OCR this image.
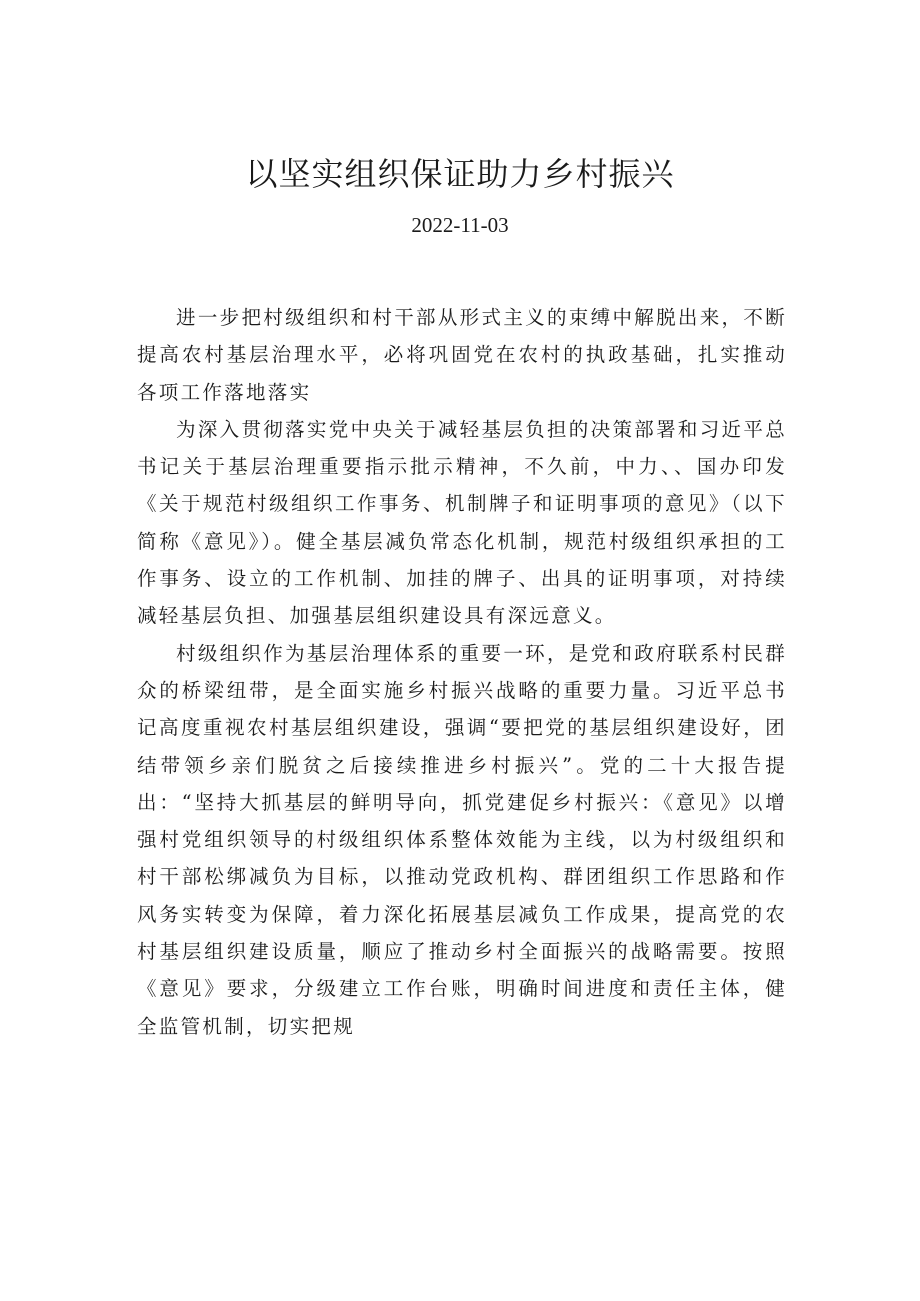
以坚实组织保证助力乡村振兴
2022-11-03

进一步把村级组织和村干部从形式主义的束缚中解脱出来，不断提高农村基层治理水平，必将巩固党在农村的执政基础，扎实推动各项工作落地落实

为深入贯彻落实党中央关于减轻基层负担的决策部署和习近平总书记关于基层治理重要指示批示精神，不久前，中力、、国办印发《关于规范村级组织工作事务、机制牌子和证明事项的意见》（以下简称《意见》）。健全基层减负常态化机制，规范村级组织承担的工作事务、设立的工作机制、加挂的牌子、出具的证明事项，对持续减轻基层负担、加强基层组织建设具有深远意义。

村级组织作为基层治理体系的重要一环，是党和政府联系村民群众的桥梁纽带，是全面实施乡村振兴战略的重要力量。习近平总书记高度重视农村基层组织建设，强调“要把党的基层组织建设好，团结带领乡亲们脱贫之后接续推进乡村振兴”。党的二十大报告提出：“坚持大抓基层的鲜明导向，抓党建促乡村振兴：《意见》以增强村党组织领导的村级组织体系整体效能为主线，以为村级组织和村干部松绑减负为目标，以推动党政机构、群团组织工作思路和作风务实转变为保障，着力深化拓展基层减负工作成果，提高党的农村基层组织建设质量，顺应了推动乡村全面振兴的战略需要。按照《意见》要求，分级建立工作台账，明确时间进度和责任主体，健全监管机制，切实把规
